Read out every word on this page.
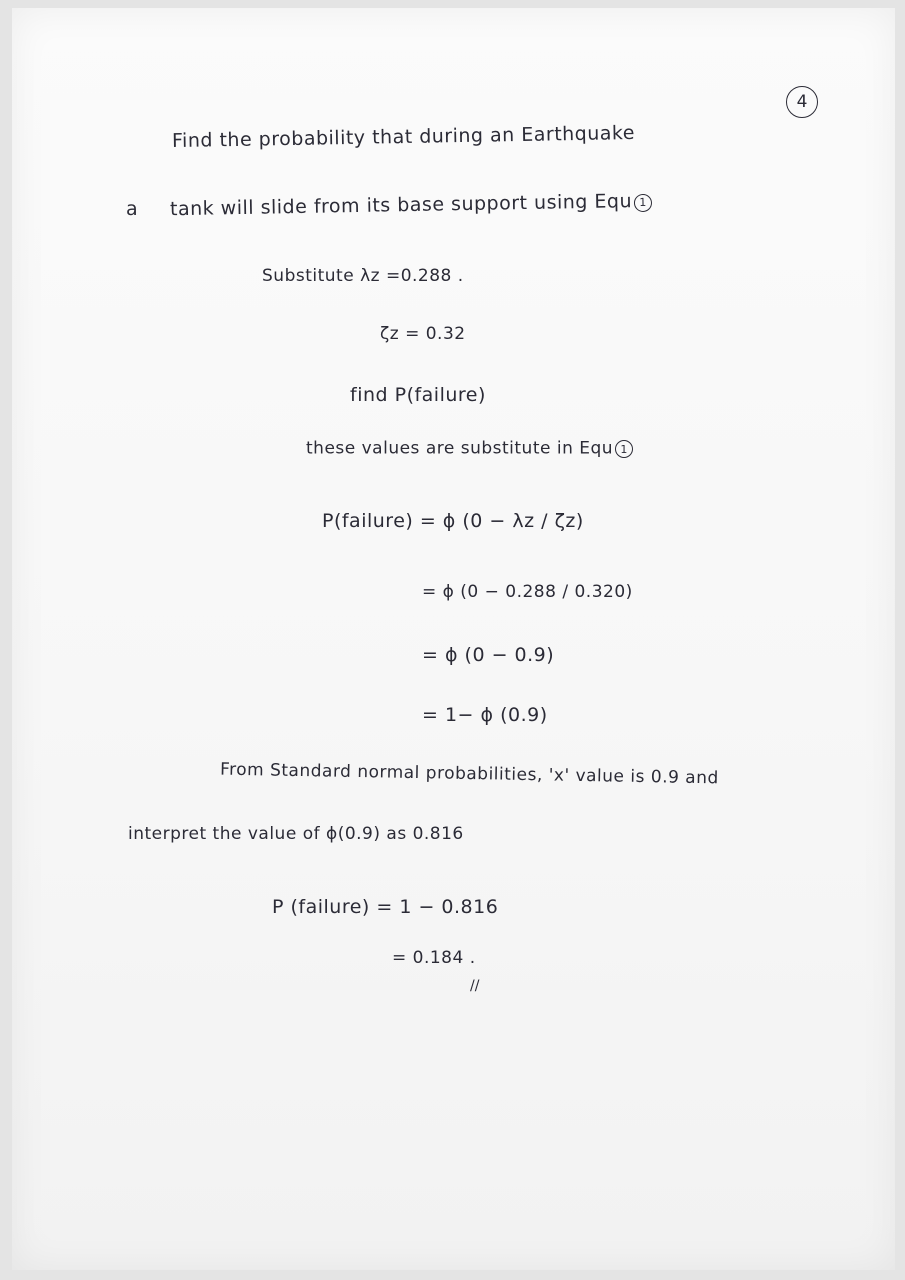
4
Find the probability that during an Earthquake
a tank will slide from its base support using Equ 1
Substitute λz =0.288 .
ζz = 0.32
find P(failure)
these values are substitute in Equ 1
P(failure) = ϕ (0 − λz / ζz)
= ϕ (0 − 0.288 / 0.320)
= ϕ (0 − 0.9)
= 1− ϕ (0.9)
From Standard normal probabilities, 'x' value is 0.9 and
interpret the value of ϕ(0.9) as 0.816
P (failure) = 1 − 0.816
= 0.184 .
//
